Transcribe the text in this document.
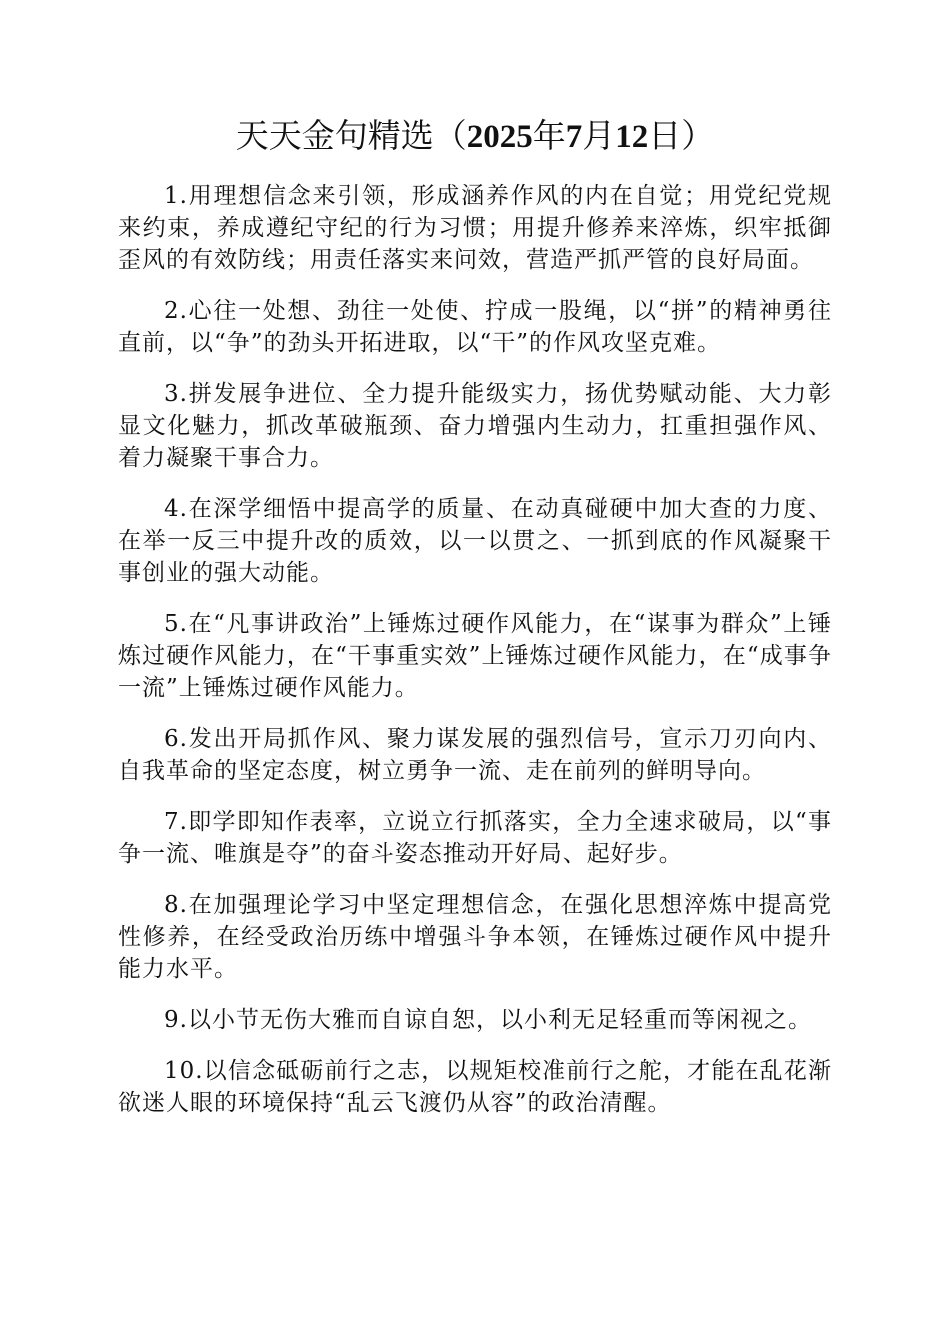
天天金句精选（2025年7月12日）

1.用理想信念来引领，形成涵养作风的内在自觉；用党纪党规来约束，养成遵纪守纪的行为习惯；用提升修养来淬炼，织牢抵御歪风的有效防线；用责任落实来问效，营造严抓严管的良好局面。

2.心往一处想、劲往一处使、拧成一股绳，以“拼”的精神勇往直前，以“争”的劲头开拓进取，以“干”的作风攻坚克难。

3.拼发展争进位、全力提升能级实力，扬优势赋动能、大力彰显文化魅力，抓改革破瓶颈、奋力增强内生动力，扛重担强作风、着力凝聚干事合力。

4.在深学细悟中提高学的质量、在动真碰硬中加大查的力度、在举一反三中提升改的质效，以一以贯之、一抓到底的作风凝聚干事创业的强大动能。

5.在“凡事讲政治”上锤炼过硬作风能力，在“谋事为群众”上锤炼过硬作风能力，在“干事重实效”上锤炼过硬作风能力，在“成事争一流”上锤炼过硬作风能力。

6.发出开局抓作风、聚力谋发展的强烈信号，宣示刀刃向内、自我革命的坚定态度，树立勇争一流、走在前列的鲜明导向。

7.即学即知作表率，立说立行抓落实，全力全速求破局，以“事争一流、唯旗是夺”的奋斗姿态推动开好局、起好步。

8.在加强理论学习中坚定理想信念，在强化思想淬炼中提高党性修养，在经受政治历练中增强斗争本领，在锤炼过硬作风中提升能力水平。

9.以小节无伤大雅而自谅自恕，以小利无足轻重而等闲视之。

10.以信念砥砺前行之志，以规矩校准前行之舵，才能在乱花渐欲迷人眼的环境保持“乱云飞渡仍从容”的政治清醒。
